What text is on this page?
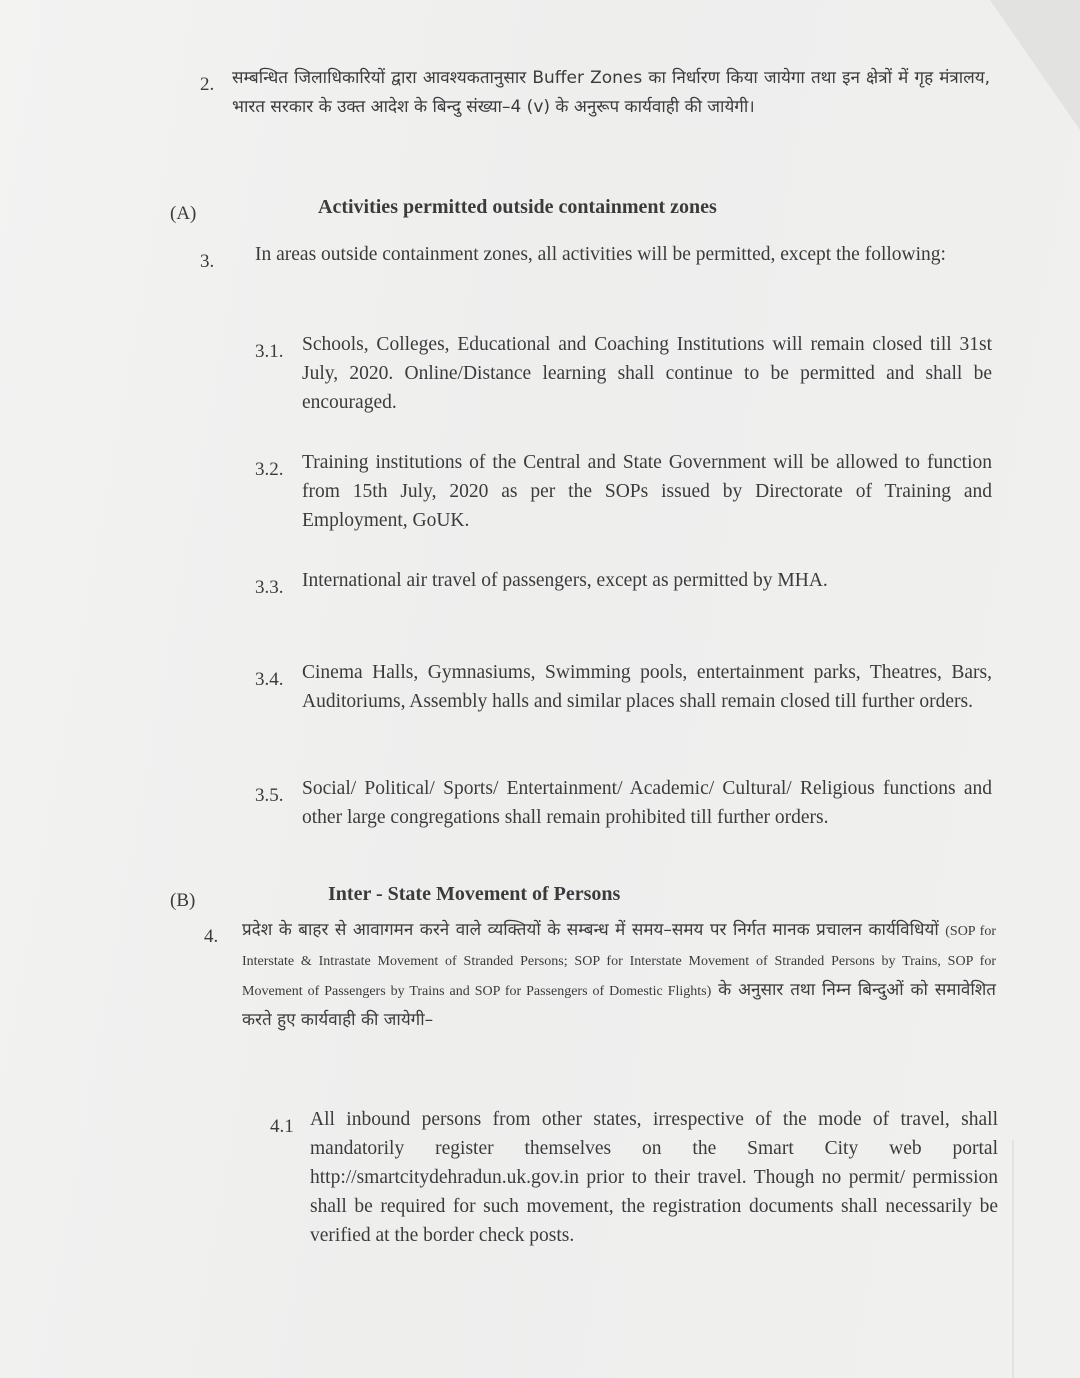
2. सम्बन्धित जिलाधिकारियों द्वारा आवश्यकतानुसार Buffer Zones का निर्धारण किया जायेगा तथा इन क्षेत्रों में गृह मंत्रालय, भारत सरकार के उक्त आदेश के बिन्दु संख्या–4 (v) के अनुरूप कार्यवाही की जायेगी।

(A)	Activities permitted outside containment zones
3. In areas outside containment zones, all activities will be permitted, except the following:

3.1. Schools, Colleges, Educational and Coaching Institutions will remain closed till 31st July, 2020. Online/Distance learning shall continue to be permitted and shall be encouraged.

3.2. Training institutions of the Central and State Government will be allowed to function from 15th July, 2020 as per the SOPs issued by Directorate of Training and Employment, GoUK.

3.3. International air travel of passengers, except as permitted by MHA.

3.4. Cinema Halls, Gymnasiums, Swimming pools, entertainment parks, Theatres, Bars, Auditoriums, Assembly halls and similar places shall remain closed till further orders.

3.5. Social/ Political/ Sports/ Entertainment/ Academic/ Cultural/ Religious functions and other large congregations shall remain prohibited till further orders.

(B)	Inter - State Movement of Persons
4. प्रदेश के बाहर से आवागमन करने वाले व्यक्तियों के सम्बन्ध में समय–समय पर निर्गत मानक प्रचालन कार्यविधियों (SOP for Interstate & Intrastate Movement of Stranded Persons; SOP for Interstate Movement of Stranded Persons by Trains, SOP for Movement of Passengers by Trains and SOP for Passengers of Domestic Flights) के अनुसार तथा निम्न बिन्दुओं को समावेशित करते हुए कार्यवाही की जायेगी–

4.1 All inbound persons from other states, irrespective of the mode of travel, shall mandatorily register themselves on the Smart City web portal http://smartcitydehradun.uk.gov.in prior to their travel. Though no permit/ permission shall be required for such movement, the registration documents shall necessarily be verified at the border check posts.
